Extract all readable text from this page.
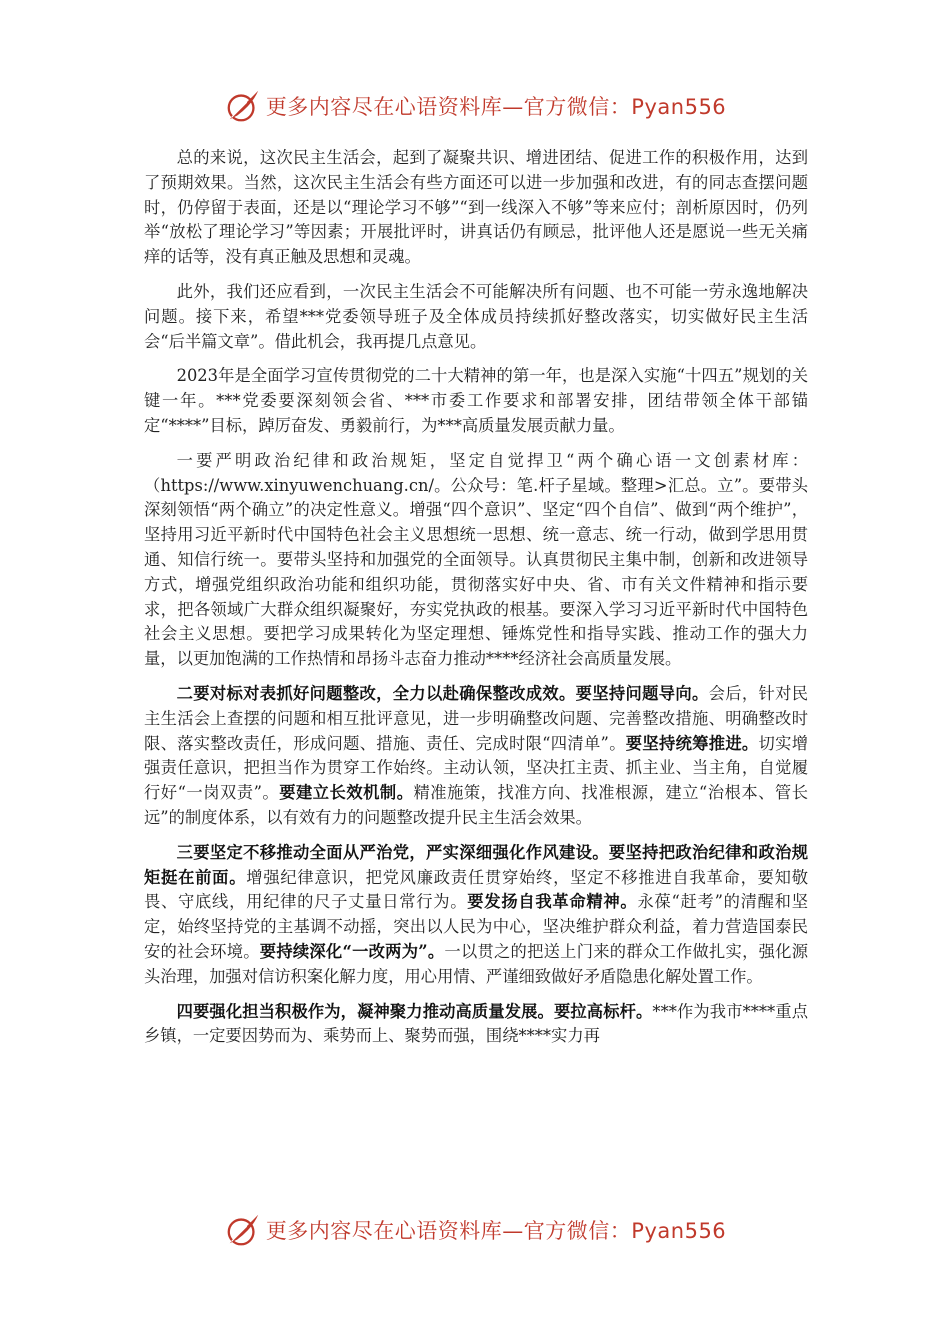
更多内容尽在心语资料库—官方微信：Pyan556

总的来说，这次民主生活会，起到了凝聚共识、增进团结、促进工作的积极作用，达到了预期效果。当然，这次民主生活会有些方面还可以进一步加强和改进，有的同志查摆问题时，仍停留于表面，还是以“理论学习不够”“到一线深入不够”等来应付；剖析原因时，仍列举“放松了理论学习”等因素；开展批评时，讲真话仍有顾忌，批评他人还是愿说一些无关痛痒的话等，没有真正触及思想和灵魂。

此外，我们还应看到，一次民主生活会不可能解决所有问题、也不可能一劳永逸地解决问题。接下来，希望***党委领导班子及全体成员持续抓好整改落实，切实做好民主生活会“后半篇文章”。借此机会，我再提几点意见。

2023年是全面学习宣传贯彻党的二十大精神的第一年，也是深入实施“十四五”规划的关键一年。***党委要深刻领会省、***市委工作要求和部署安排，团结带领全体干部锚定“****”目标，踔厉奋发、勇毅前行，为***高质量发展贡献力量。

一要严明政治纪律和政治规矩，坚定自觉捍卫“两个确心语一文创素材库：（https://www.xinyuwenchuang.cn/。公众号：笔.杆子星域。整理>汇总。立”。要带头深刻领悟“两个确立”的决定性意义。增强“四个意识”、坚定“四个自信”、做到“两个维护”，坚持用习近平新时代中国特色社会主义思想统一思想、统一意志、统一行动，做到学思用贯通、知信行统一。要带头坚持和加强党的全面领导。认真贯彻民主集中制，创新和改进领导方式，增强党组织政治功能和组织功能，贯彻落实好中央、省、市有关文件精神和指示要求，把各领域广大群众组织凝聚好，夯实党执政的根基。要深入学习习近平新时代中国特色社会主义思想。要把学习成果转化为坚定理想、锤炼党性和指导实践、推动工作的强大力量，以更加饱满的工作热情和昂扬斗志奋力推动****经济社会高质量发展。

二要对标对表抓好问题整改，全力以赴确保整改成效。要坚持问题导向。会后，针对民主生活会上查摆的问题和相互批评意见，进一步明确整改问题、完善整改措施、明确整改时限、落实整改责任，形成问题、措施、责任、完成时限“四清单”。要坚持统筹推进。切实增强责任意识，把担当作为贯穿工作始终。主动认领，坚决扛主责、抓主业、当主角，自觉履行好“一岗双责”。要建立长效机制。精准施策，找准方向、找准根源，建立“治根本、管长远”的制度体系，以有效有力的问题整改提升民主生活会效果。

三要坚定不移推动全面从严治党，严实深细强化作风建设。要坚持把政治纪律和政治规矩挺在前面。增强纪律意识，把党风廉政责任贯穿始终，坚定不移推进自我革命，要知敬畏、守底线，用纪律的尺子丈量日常行为。要发扬自我革命精神。永葆“赶考”的清醒和坚定，始终坚持党的主基调不动摇，突出以人民为中心，坚决维护群众利益，着力营造国泰民安的社会环境。要持续深化“一改两为”。一以贯之的把送上门来的群众工作做扎实，强化源头治理，加强对信访积案化解力度，用心用情、严谨细致做好矛盾隐患化解处置工作。

四要强化担当积极作为，凝神聚力推动高质量发展。要拉高标杆。***作为我市****重点乡镇，一定要因势而为、乘势而上、聚势而强，围绕****实力再

更多内容尽在心语资料库—官方微信：Pyan556
